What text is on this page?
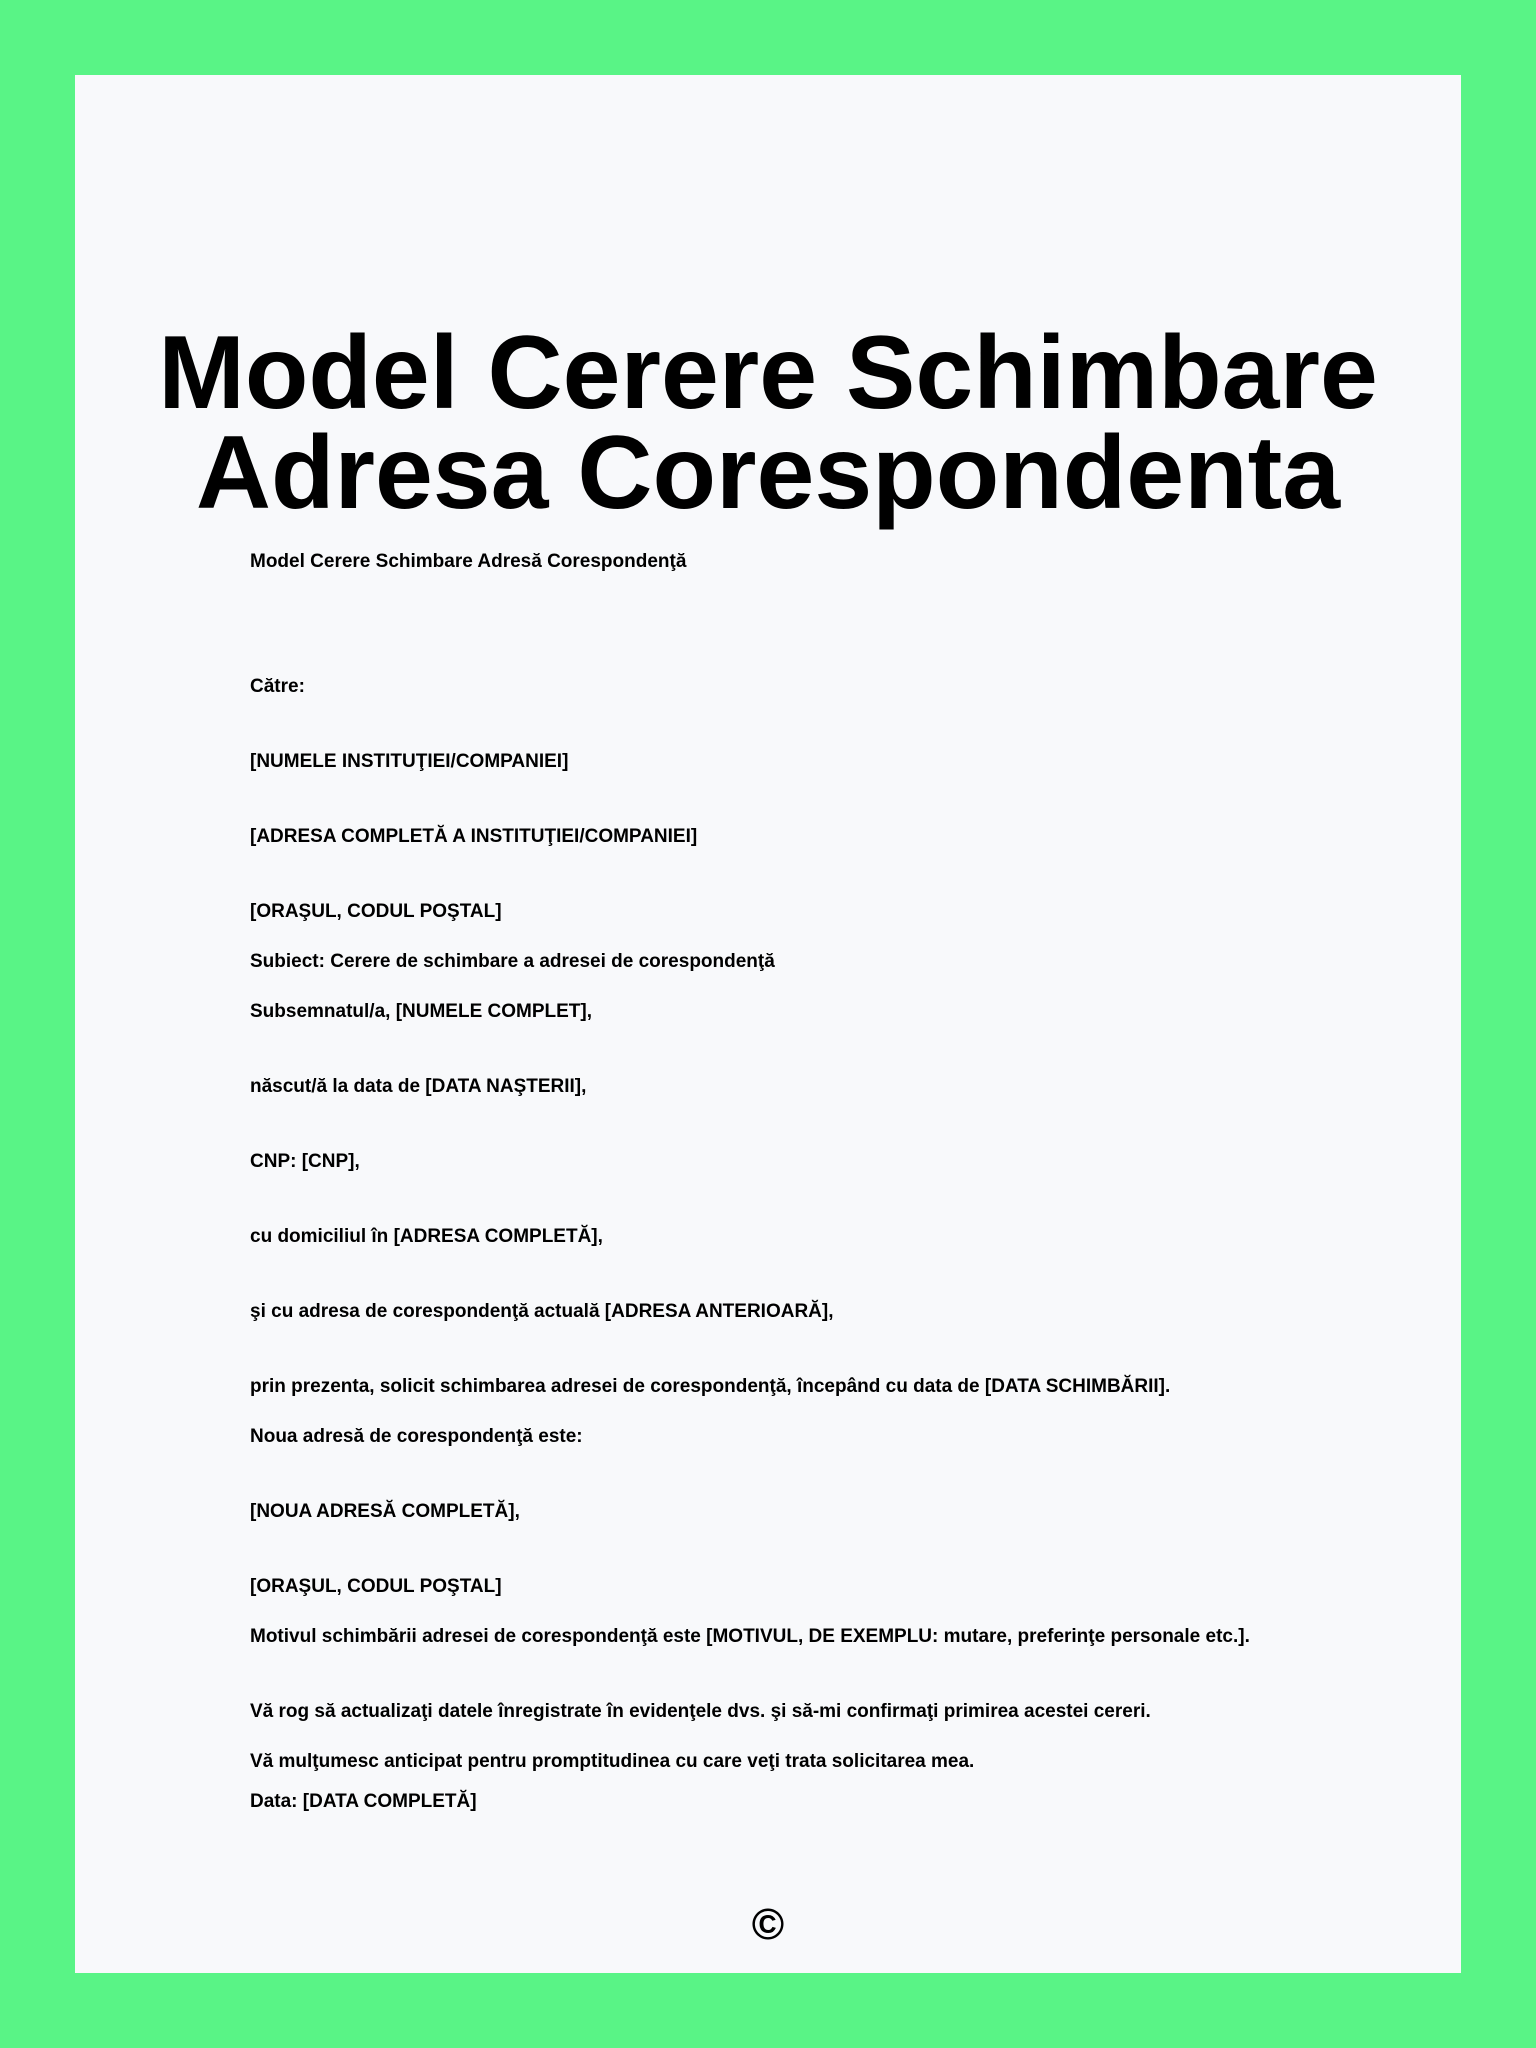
Model Cerere Schimbare
Adresa Corespondenta
Model Cerere Schimbare Adresă Corespondenţă
Către:
[NUMELE INSTITUŢIEI/COMPANIEI]
[ADRESA COMPLETĂ A INSTITUŢIEI/COMPANIEI]
[ORAŞUL, CODUL POŞTAL]
Subiect: Cerere de schimbare a adresei de corespondenţă
Subsemnatul/a, [NUMELE COMPLET],
născut/ă la data de [DATA NAŞTERII],
CNP: [CNP],
cu domiciliul în [ADRESA COMPLETĂ],
şi cu adresa de corespondenţă actuală [ADRESA ANTERIOARĂ],
prin prezenta, solicit schimbarea adresei de corespondenţă, începând cu data de [DATA SCHIMBĂRII].
Noua adresă de corespondenţă este:
[NOUA ADRESĂ COMPLETĂ],
[ORAŞUL, CODUL POŞTAL]
Motivul schimbării adresei de corespondenţă este [MOTIVUL, DE EXEMPLU: mutare, preferinţe personale etc.].
Vă rog să actualizaţi datele înregistrate în evidenţele dvs. şi să-mi confirmaţi primirea acestei cereri.
Vă mulţumesc anticipat pentru promptitudinea cu care veţi trata solicitarea mea.
Data: [DATA COMPLETĂ]
©
